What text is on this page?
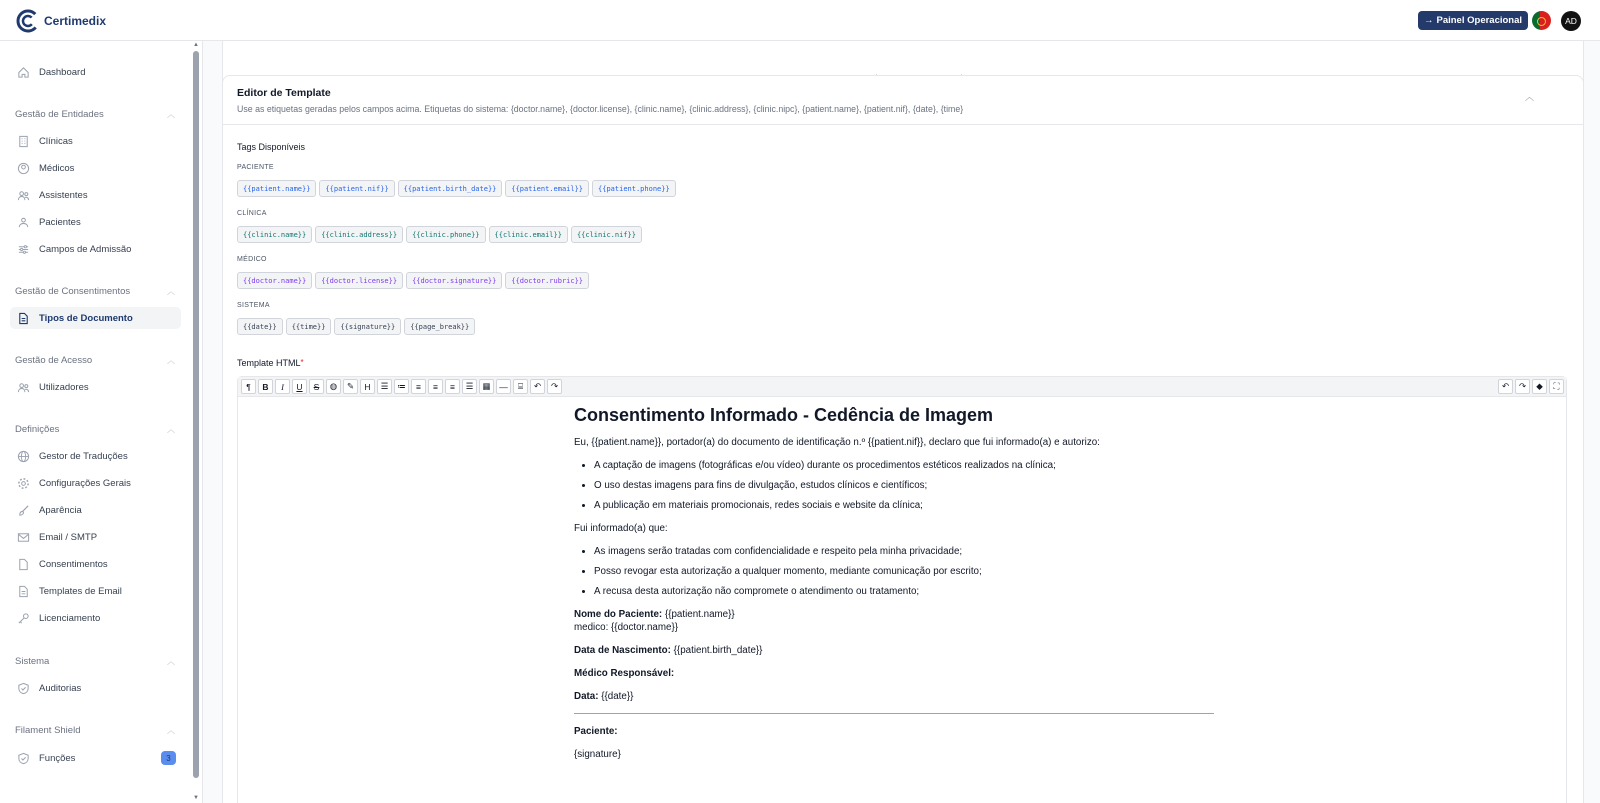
Certimedix	→ Painel Operacional	AD
Dashboard
Gestão de Entidades	︿
Clínicas
Médicos
Assistentes
Pacientes
Campos de Admissão
Gestão de Consentimentos	︿
Tipos de Documento
Gestão de Acesso	︿
Utilizadores
Definições	︿
Gestor de Traduções
Configurações Gerais
Aparência
Email / SMTP
Consentimentos
Templates de Email
Licenciamento
Sistema	︿
Auditorias
Filament Shield	︿
Funções	3
▲
▼
Editor de Template
Use as etiquetas geradas pelos campos acima. Etiquetas do sistema: {doctor.name}, {doctor.license}, {clinic.name}, {clinic.address}, {clinic.nipc}, {patient.name}, {patient.nif}, {date}, {time}
︿
Tags Disponíveis
PACIENTE
{{patient.name}}	{{patient.nif}}	{{patient.birth_date}}	{{patient.email}}	{{patient.phone}}
CLÍNICA
{{clinic.name}}	{{clinic.address}}	{{clinic.phone}}	{{clinic.email}}	{{clinic.nif}}
MÉDICO
{{doctor.name}}	{{doctor.license}}	{{doctor.signature}}	{{doctor.rubric}}
SISTEMA
{{date}}	{{time}}	{{signature}}	{{page_break}}
Template HTML*
¶	B	I	U	S	◍	✎	H	☰	≔	≡	≡	≡	☰	▦	—	⌸	↶	↷	↶	↷	◆	⛶
Consentimento Informado - Cedência de Imagem

Eu, {{patient.name}}, portador(a) do documento de identificação n.º {{patient.nif}}, declaro que fui informado(a) e autorizo:

• A captação de imagens (fotográficas e/ou vídeo) durante os procedimentos estéticos realizados na clínica;
• O uso destas imagens para fins de divulgação, estudos clínicos e científicos;
• A publicação em materiais promocionais, redes sociais e website da clínica;

Fui informado(a) que:

• As imagens serão tratadas com confidencialidade e respeito pela minha privacidade;
• Posso revogar esta autorização a qualquer momento, mediante comunicação por escrito;
• A recusa desta autorização não compromete o atendimento ou tratamento;

Nome do Paciente: {{patient.name}}
medico: {{doctor.name}}

Data de Nascimento: {{patient.birth_date}}

Médico Responsável:

Data: {{date}}

Paciente:

{signature}
